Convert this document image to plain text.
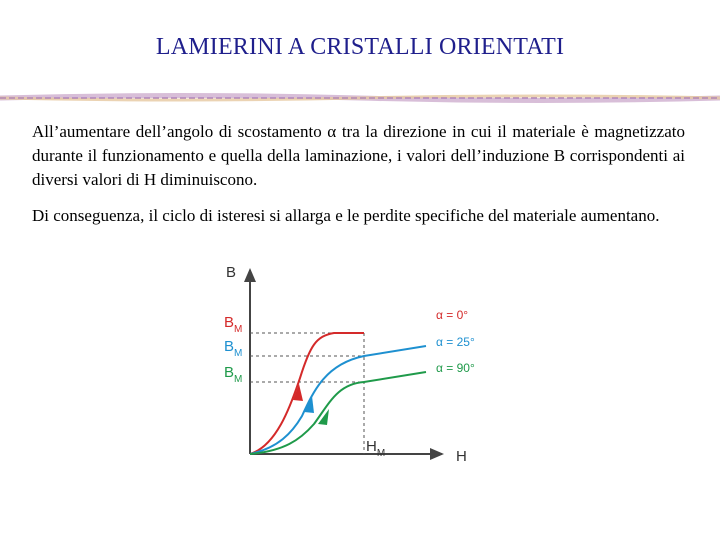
LAMIERINI A CRISTALLI ORIENTATI

All’aumentare dell’angolo di scostamento α tra la direzione in cui il materiale è magnetizzato durante il funzionamento e quella della laminazione, i valori dell’induzione B corrispondenti ai diversi valori di H diminuiscono.

Di conseguenza, il ciclo di isteresi si allarga e le perdite specifiche del materiale aumentano.

B
H
$B_M$
$B_M$
$B_M$
$H_M$
α = 0°
α = 25°
α = 90°
